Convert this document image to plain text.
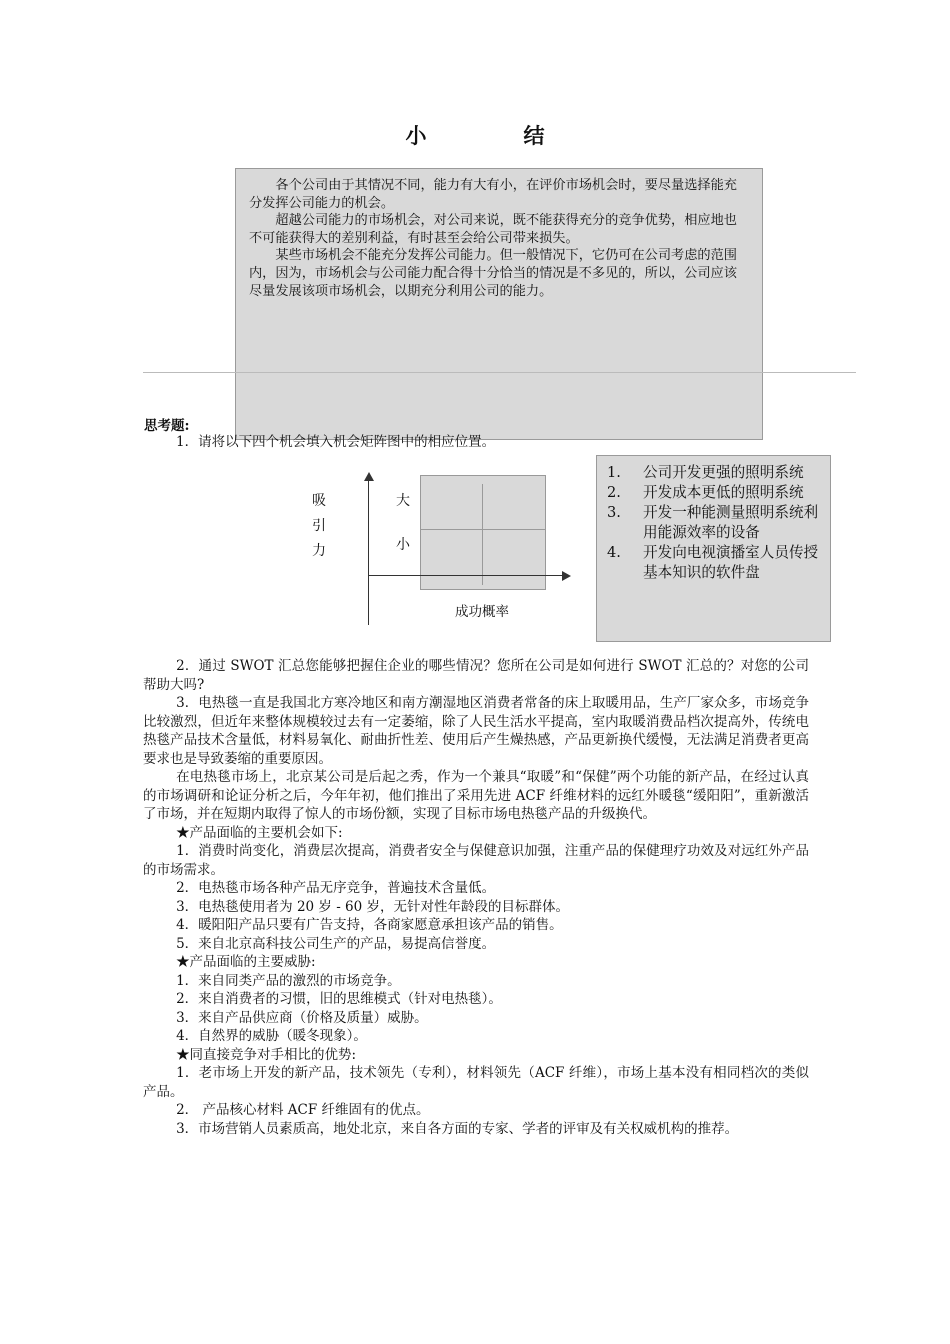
小　结

各个公司由于其情况不同，能力有大有小，在评价市场机会时，要尽量选择能充分发挥公司能力的机会。

超越公司能力的市场机会，对公司来说，既不能获得充分的竞争优势，相应地也不可能获得大的差别利益，有时甚至会给公司带来损失。

某些市场机会不能充分发挥公司能力。但一般情况下，它仍可在公司考虑的范围内，因为，市场机会与公司能力配合得十分恰当的情况是不多见的，所以，公司应该尽量发展该项市场机会，以期充分利用公司的能力。

思考题:
1．请将以下四个机会填入机会矩阵图中的相应位置。
吸
引
力
大
小
成功概率
1.	公司开发更强的照明系统
2.	开发成本更低的照明系统
3.	开发一种能测量照明系统利用能源效率的设备
4.	开发向电视演播室人员传授基本知识的软件盘

2．通过 SWOT 汇总您能够把握住企业的哪些情况？您所在公司是如何进行 SWOT 汇总的？对您的公司帮助大吗?

3．电热毯一直是我国北方寒冷地区和南方潮湿地区消费者常备的床上取暖用品，生产厂家众多，市场竞争比较激烈，但近年来整体规模较过去有一定萎缩，除了人民生活水平提高，室内取暖消费品档次提高外，传统电热毯产品技术含量低，材料易氧化、耐曲折性差、使用后产生燥热感，产品更新换代缓慢，无法满足消费者更高要求也是导致萎缩的重要原因。

在电热毯市场上，北京某公司是后起之秀，作为一个兼具“取暖”和“保健”两个功能的新产品，在经过认真的市场调研和论证分析之后，今年年初，他们推出了采用先进 ACF 纤维材料的远红外暖毯“缓阳阳”，重新激活了市场，并在短期内取得了惊人的市场份额，实现了目标市场电热毯产品的升级换代。

★产品面临的主要机会如下:

1．消费时尚变化，消费层次提高，消费者安全与保健意识加强，注重产品的保健理疗功效及对远红外产品的市场需求。

2．电热毯市场各种产品无序竞争，普遍技术含量低。

3．电热毯使用者为 20 岁 - 60 岁，无针对性年龄段的目标群体。

4．暖阳阳产品只要有广告支持，各商家愿意承担该产品的销售。

5．来自北京高科技公司生产的产品，易提高信誉度。

★产品面临的主要威胁:

1．来自同类产品的激烈的市场竞争。

2．来自消费者的习惯，旧的思维模式（针对电热毯）。

3．来自产品供应商（价格及质量）威胁。

4．自然界的威胁（暖冬现象）。

★同直接竞争对手相比的优势:

1．老市场上开发的新产品，技术领先（专利），材料领先（ACF 纤维），市场上基本没有相同档次的类似产品。

2． 产品核心材料 ACF 纤维固有的优点。

3．市场营销人员素质高，地处北京，来自各方面的专家、学者的评审及有关权威机构的推荐。
